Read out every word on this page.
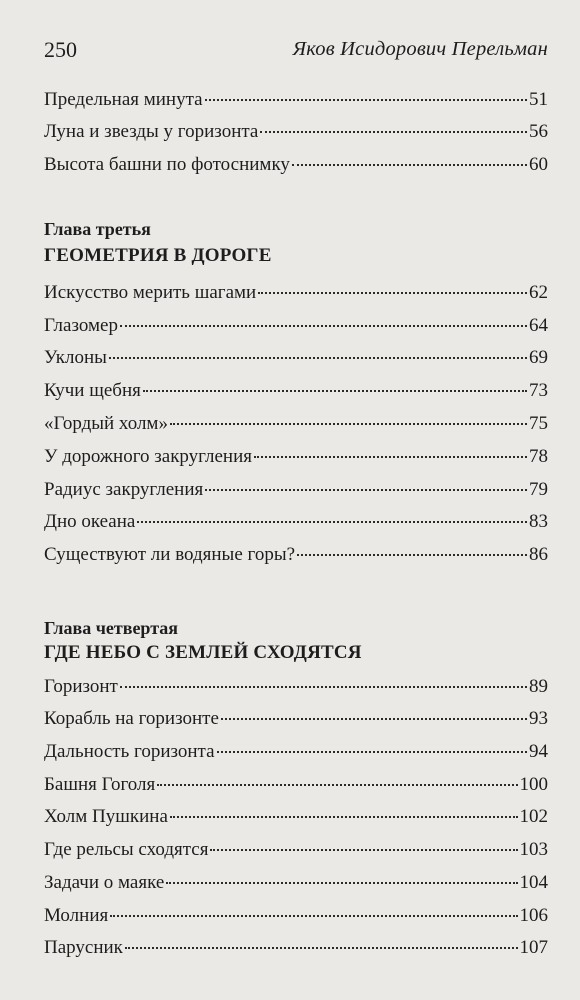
250	Яков Исидорович Перельман
Предельная минута	51
Луна и звезды у горизонта	56
Высота башни по фотоснимку	60
Глава третья
ГЕОМЕТРИЯ В ДОРОГЕ
Искусство мерить шагами	62
Глазомер	64
Уклоны	69
Кучи щебня	73
«Гордый холм»	75
У дорожного закругления	78
Радиус закругления	79
Дно океана	83
Существуют ли водяные горы?	86
Глава четвертая
ГДЕ НЕБО С ЗЕМЛЕЙ СХОДЯТСЯ
Горизонт	89
Корабль на горизонте	93
Дальность горизонта	94
Башня Гоголя	100
Холм Пушкина	102
Где рельсы сходятся	103
Задачи о маяке	104
Молния	106
Парусник	107
